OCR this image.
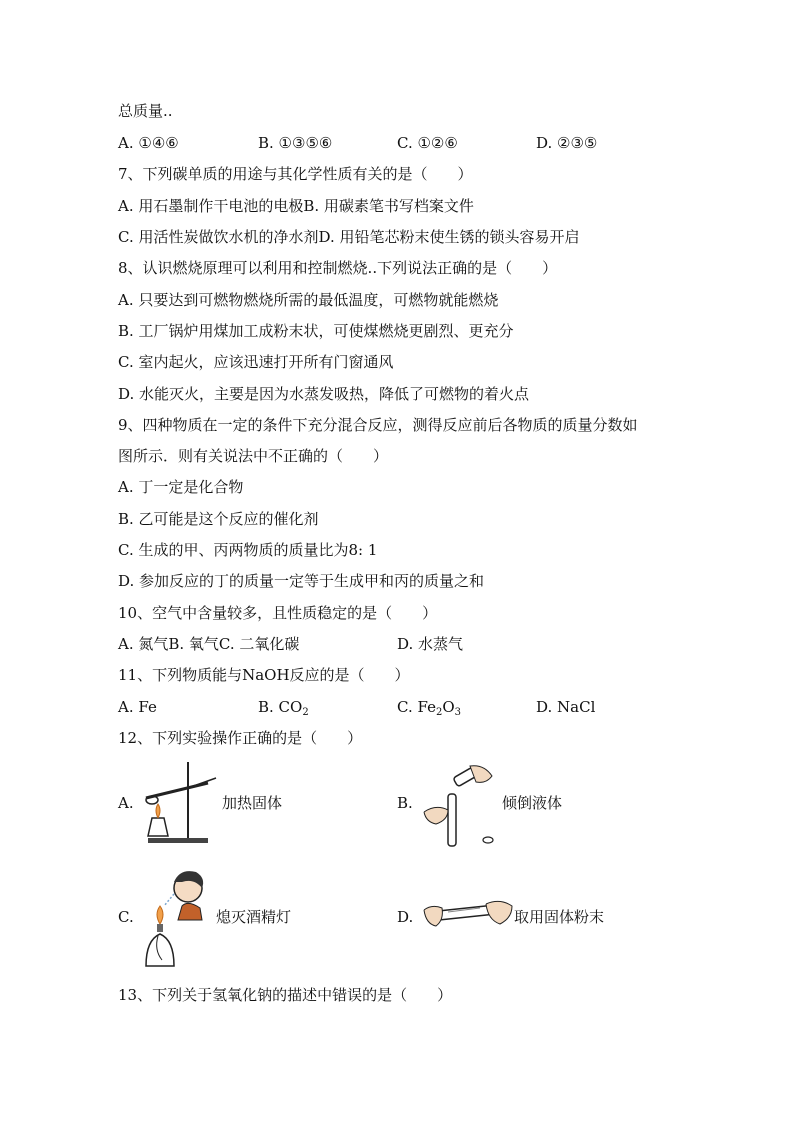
总质量..
A. ①④⑥	B. ①③⑤⑥	C. ①②⑥	D. ②③⑤
7、下列碳单质的用途与其化学性质有关的是（　　）
A. 用石墨制作干电池的电极B. 用碳素笔书写档案文件
C. 用活性炭做饮水机的净水剂D. 用铅笔芯粉末使生锈的锁头容易开启
8、认识燃烧原理可以利用和控制燃烧..下列说法正确的是（　　）
A. 只要达到可燃物燃烧所需的最低温度，可燃物就能燃烧
B. 工厂锅炉用煤加工成粉末状，可使煤燃烧更剧烈、更充分
C. 室内起火，应该迅速打开所有门窗通风
D. 水能灭火，主要是因为水蒸发吸热，降低了可燃物的着火点
9、四种物质在一定的条件下充分混合反应，测得反应前后各物质的质量分数如
图所示．则有关说法中不正确的（　　）
A. 丁一定是化合物
B. 乙可能是这个反应的催化剂
C. 生成的甲、丙两物质的质量比为8: 1
D. 参加反应的丁的质量一定等于生成甲和丙的质量之和
10、空气中含量较多，且性质稳定的是（　　）
A. 氮气B. 氧气C. 二氧化碳	D. 水蒸气
11、下列物质能与NaOH反应的是（　　）
A. Fe	B. $CO_2$	C. $Fe_2O_3$	D. NaCl
12、下列实验操作正确的是（　　）
A.	加热固体	B.	倾倒液体
C.	熄灭酒精灯	D.	取用固体粉末
13、下列关于氢氧化钠的描述中错误的是（　　）
